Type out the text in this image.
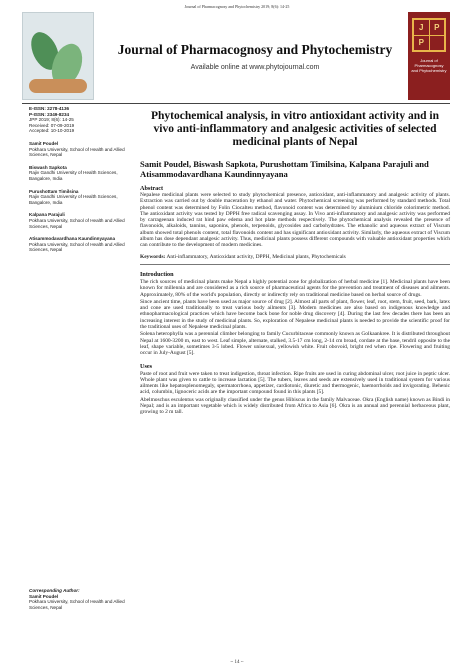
Journal of Pharmacognosy and Phytochemistry 2019; 8(6): 14-25
Journal of Pharmacognosy and Phytochemistry
Available online at www.phytojournal.com
J	P
P
Journal of Pharmacognosy and Phytochemistry
E-ISSN: 2278-4136
P-ISSN: 2349-8234
JPP 2019; 8(6): 14-25
Received: 07-09-2019
Accepted: 10-10-2019
Samit Poudel
Pokhara University, School of Health and Allied Sciences, Nepal
Biswash Sapkota
Rajiv Gandhi University of Health Sciences, Bangalore, India
Purushottam Timilsina
Rajiv Gandhi University of Health Sciences, Bangalore, India
Kalpana Parajuli
Pokhara University, School of Health and Allied Sciences, Nepal
Atisammodavardhana Kaundinnyayana
Pokhara University, School of Health and Allied Sciences, Nepal
Corresponding Author:
Samit Poudel
Pokhara University, School of Health and Allied Sciences, Nepal
Phytochemical analysis, in vitro antioxidant activity and in vivo anti-inflammatory and analgesic activities of selected medicinal plants of Nepal
Samit Poudel, Biswash Sapkota, Purushottam Timilsina, Kalpana Parajuli and Atisammodavardhana Kaundinnyayana
Abstract
Nepalese medicinal plants were selected to study phytochemical presence, antioxidant, anti-inflammatory and analgesic activity of plants. Extraction was carried out by double maceration by ethanol and water. Phytochemical screening was performed by standard methods. Total phenol content was determined by Folin Ciocalteu method, flavonoid content was determined by aluminium chloride colorimetric method. The antioxidant activity was tested by DPPH free radical scavenging assay. In Vivo anti-inflammatory and analgesic activity was performed by carrageenan induced rat hind paw edema and hot plate methods respectively. The phytochemical analysis revealed the presence of flavonoids, alkaloids, tannins, saponins, phenols, terpenoids, glycosides and carbohydrates. The ethanolic and aqueous extract of Viscum album showed total phenols content, total flavonoids content and has significant antioxidant activity. Similarly, the aqueous extract of Viscum album has dose dependant analgesic activity. Thus, medicinal plants possess different compounds with valuable antioxidant properties which can contribute to the development of modern medicines.
Keywords: Anti-inflammatory, Antioxidant activity, DPPH, Medicinal plants, Phytochemicals
Introduction
The rich sources of medicinal plants make Nepal a highly potential zone for globalization of herbal medicine [1]. Medicinal plants have been known for millennia and are considered as a rich source of pharmaceutical agents for the prevention and treatment of diseases and ailments. Approximately, 80% of the world's population, directly or indirectly rely on traditional medicine based on herbal source of drugs.
Since ancient time, plants have been used as major source of drug [2]. Almost all parts of plant, flower, leaf, root, stem, fruit, seed, bark, latex and cone are used traditionally to treat various body ailments [3]. Modern medicines are also based on indigenous knowledge and ethnopharmacological practices which have become back bone for noble drug discovery [4]. During the last few decades there has been an increasing interest in the study of medicinal plants. So, exploration of Nepalese medicinal plants is needed to provide the scientific proof for the traditional uses of Nepalese medicinal plants.
Solena heterophylla was a perennial climber belonging to family Cucurbitaceae commonly known as Golkaankree. It is distributed throughout Nepal at 1600-3200 m, east to west. Leaf simple, alternate, stalked, 3.5-17 cm long, 2-14 cm broad, cordate at the base, tendril opposite to the leaf, shape variable, sometimes 3-5 lobed. Flower unisexual, yellowish white. Fruit obovoid, bright red when ripe. Flowering and fruiting occur in July-August [5].
Uses
Paste of root and fruit were taken to treat indigestion, throat infection. Ripe fruits are used in curing abdominal ulcer, root juice in peptic ulcer. Whole plant was given to cattle to increase lactation [5]. The tubers, leaves and seeds are extensively used in traditional system for various ailments like hepatosplenomegaly, spermatorrhoea, appetizer, cardiotonic, diuretic and thermogenic, haemorrhoids and invigorating. Behenic acid, columbin, lignoceric acids are the important compound found in this plants [5].
Abelmoschus esculentus was originally classified under the genus Hibiscus in the family Malvaceae. Okra (English name) known as Bindi in Nepal; and is an important vegetable which is widely distributed from Africa to Asia [6]. Okra is an annual and perennial herbaceous plant, growing to 2 m tall.
~ 14 ~
